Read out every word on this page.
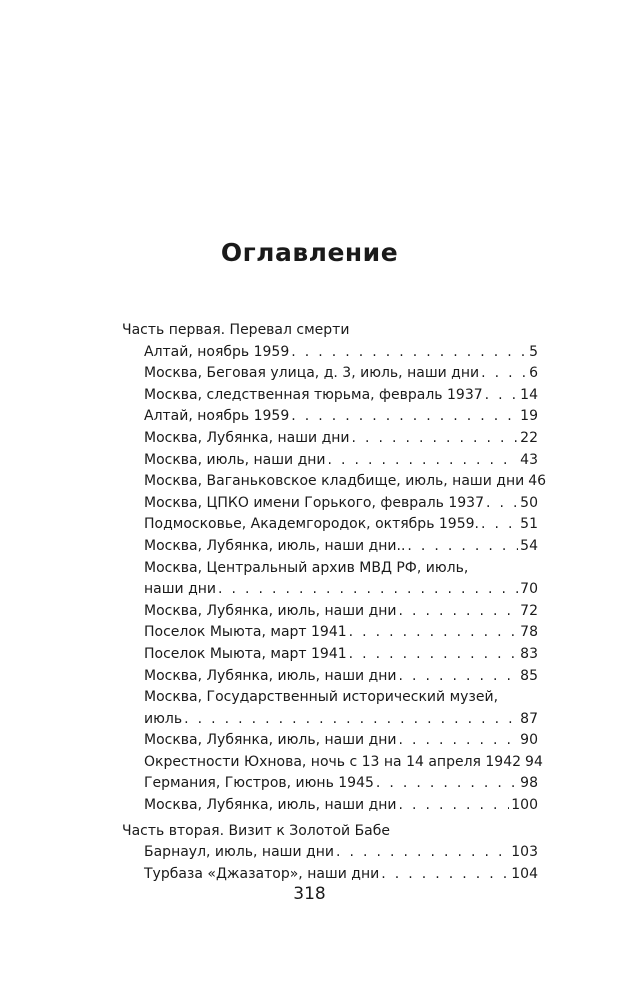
Оглавление
Часть первая. Перевал смерти
Алтай, ноябрь 1959 . . .	5
Москва, Беговая улица, д. 3, июль, наши дни . . .	6
Москва, следственная тюрьма, февраль 1937 . . .	14
Алтай, ноябрь 1959 . . .	19
Москва, Лубянка, наши дни . . .	22
Москва, июль, наши дни . . .	43
Москва, Ваганьковское кладбище, июль, наши дни 46
Москва, ЦПКО имени Горького, февраль 1937 . . .	50
Подмосковье, Академгородок, октябрь 1959. . . .	51
Москва, Лубянка, июль, наши дни.. . . .	54
Москва, Центральный архив МВД РФ, июль,
наши дни . . .	70
Москва, Лубянка, июль, наши дни . . .	72
Поселок Мыюта, март 1941 . . .	78
Поселок Мыюта, март 1941 . . .	83
Москва, Лубянка, июль, наши дни . . .	85
Москва, Государственный исторический музей,
июль . . .	87
Москва, Лубянка, июль, наши дни . . .	90
Окрестности Юхнова, ночь с 13 на 14 апреля 1942 94
Германия, Гюстров, июнь 1945 . . .	98
Москва, Лубянка, июль, наши дни . . .	100
Часть вторая. Визит к Золотой Бабе
Барнаул, июль, наши дни . . .	103
Турбаза «Джазатор», наши дни . . .	104
318
